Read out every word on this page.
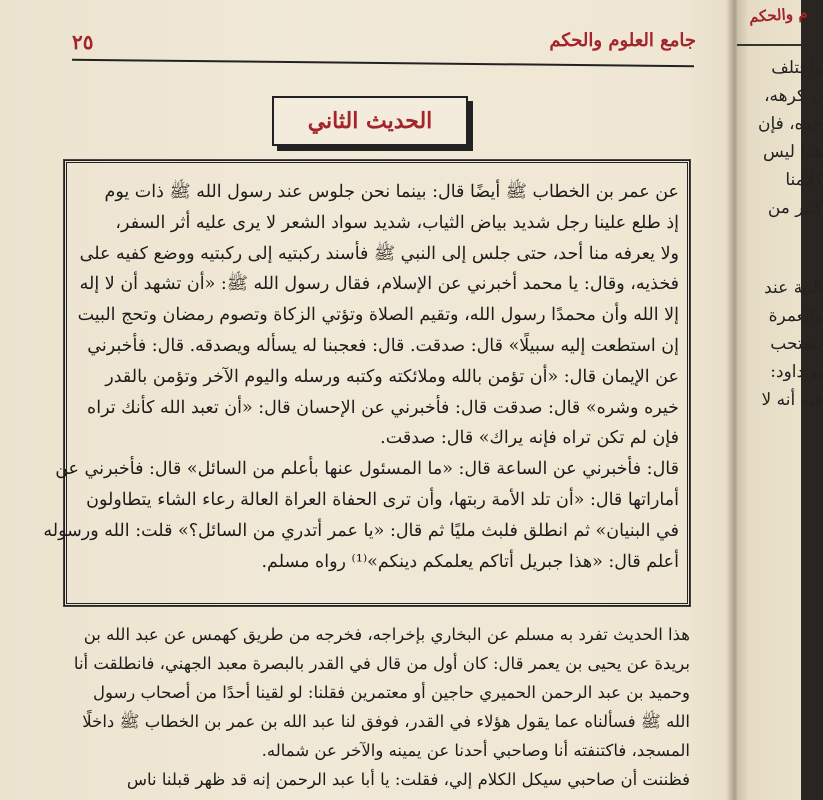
٢٥	جامع العلوم والحكم
الحديث الثاني
عن عمر بن الخطاب ﷺ أيضًا قال: بينما نحن جلوس عند رسول الله ﷺ ذات يوم
إذ طلع علينا رجل شديد بياض الثياب، شديد سواد الشعر لا يرى عليه أثر السفر،
ولا يعرفه منا أحد، حتى جلس إلى النبي ﷺ فأسند ركبتيه إلى ركبتيه ووضع كفيه على
فخذيه، وقال: يا محمد أخبرني عن الإسلام، فقال رسول الله ﷺ: «أن تشهد أن لا إله
إلا الله وأن محمدًا رسول الله، وتقيم الصلاة وتؤتي الزكاة وتصوم رمضان وتحج البيت
إن استطعت إليه سبيلًا» قال: صدقت. قال: فعجبنا له يسأله ويصدقه. قال: فأخبرني
عن الإيمان قال: «أن تؤمن بالله وملائكته وكتبه ورسله واليوم الآخر وتؤمن بالقدر
خيره وشره» قال: صدقت قال: فأخبرني عن الإحسان قال: «أن تعبد الله كأنك تراه
فإن لم تكن تراه فإنه يراك» قال: صدقت.
قال: فأخبرني عن الساعة قال: «ما المسئول عنها بأعلم من السائل» قال: فأخبرني عن
أماراتها قال: «أن تلد الأمة ربتها، وأن ترى الحفاة العراة العالة رعاء الشاء يتطاولون
في البنيان» ثم انطلق فلبث مليًا ثم قال: «يا عمر أتدري من السائل؟» قلت: الله ورسوله
أعلم قال: «هذا جبريل أتاكم يعلمكم دينكم»⁽¹⁾ رواه مسلم.
هذا الحديث تفرد به مسلم عن البخاري بإخراجه، فخرجه من طريق كهمس عن عبد الله بن
بريدة عن يحيى بن يعمر قال: كان أول من قال في القدر بالبصرة معبد الجهني، فانطلقت أنا
وحميد بن عبد الرحمن الحميري حاجين أو معتمرين فقلنا: لو لقينا أحدًا من أصحاب رسول
الله ﷺ فسألناه عما يقول هؤلاء في القدر، فوفق لنا عبد الله بن عمر بن الخطاب ﷺ داخلًا
المسجد، فاكتنفته أنا وصاحبي أحدنا عن يمينه والآخر عن شماله.
فظننت أن صاحبي سيكل الكلام إلي، فقلت: يا أبا عبد الرحمن إنه قد ظهر قبلنا ناس
م والحكم
واختلف
ن كرهه،
حده، فإن
هذا ليس
كلامنا
كثير من
النية عند
والعمرة
يستحب
بو داود:
فيه أنه لا
